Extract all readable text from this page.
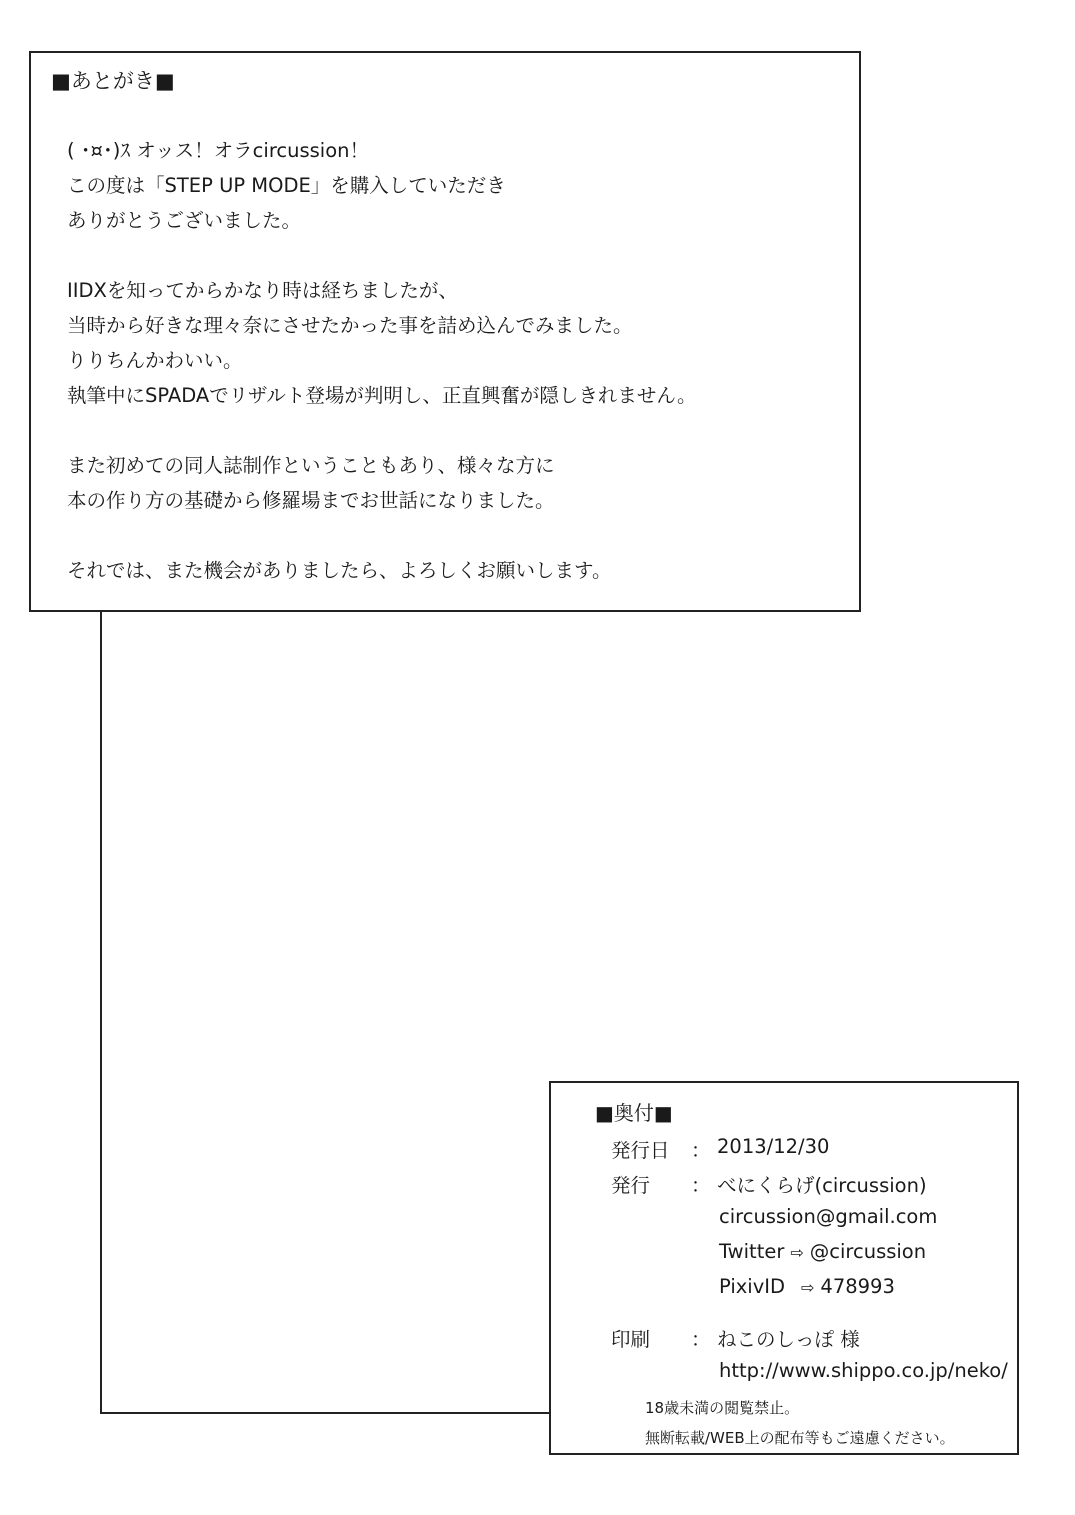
■あとがき■

( ･¤･)ｽ オッス！オラcircussion！

この度は「STEP UP MODE」を購入していただき

ありがとうございました。

IIDXを知ってからかなり時は経ちましたが、

当時から好きな理々奈にさせたかった事を詰め込んでみました。

りりちんかわいい。

執筆中にSPADAでリザルト登場が判明し、正直興奮が隠しきれません。

また初めての同人誌制作ということもあり、様々な方に

本の作り方の基礎から修羅場までお世話になりました。

それでは、また機会がありましたら、よろしくお願いします。

■奥付■
発行日 ： 2013/12/30
発行 ： べにくらげ(circussion)
circussion@gmail.com
Twitter ⇨ @circussion
PixivID ⇨ 478993
印刷 ： ねこのしっぽ 様
http://www.shippo.co.jp/neko/
18歳未満の閲覧禁止。
無断転載/WEB上の配布等もご遠慮ください。
